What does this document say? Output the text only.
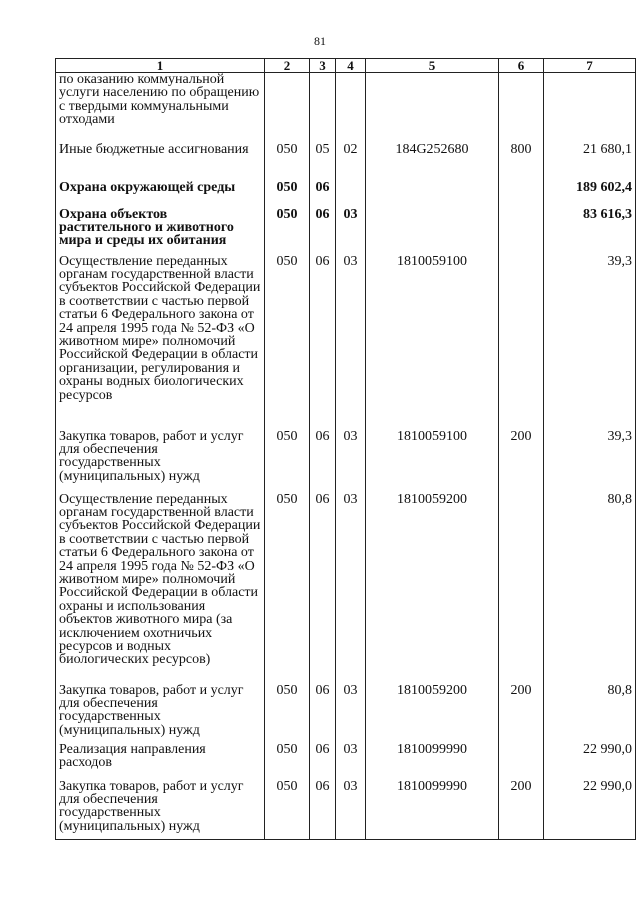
81
1	2	3	4	5	6	7
по оказанию коммунальной услуги населению по обращению с твердыми коммунальными отходами						
Иные бюджетные ассигнования	050	05	02	184G252680	800	21 680,1
Охрана окружающей среды	050	06				189 602,4
Охрана объектов растительного и животного мира и среды их обитания	050	06	03			83 616,3
Осуществление переданных органам государственной власти субъектов Российской Федерации в соответствии с частью первой статьи 6 Федерального закона от 24 апреля 1995 года № 52-ФЗ «О животном мире» полномочий Российской Федерации в области организации, регулирования и охраны водных биологических ресурсов	050	06	03	1810059100		39,3
Закупка товаров, работ и услуг для обеспечения государственных (муниципальных) нужд	050	06	03	1810059100	200	39,3
Осуществление переданных органам государственной власти субъектов Российской Федерации в соответствии с частью первой статьи 6 Федерального закона от 24 апреля 1995 года № 52-ФЗ «О животном мире» полномочий Российской Федерации в области охраны и использования объектов животного мира (за исключением охотничьих ресурсов и водных биологических ресурсов)	050	06	03	1810059200		80,8
Закупка товаров, работ и услуг для обеспечения государственных (муниципальных) нужд	050	06	03	1810059200	200	80,8
Реализация направления расходов	050	06	03	1810099990		22 990,0
Закупка товаров, работ и услуг для обеспечения государственных (муниципальных) нужд	050	06	03	1810099990	200	22 990,0
